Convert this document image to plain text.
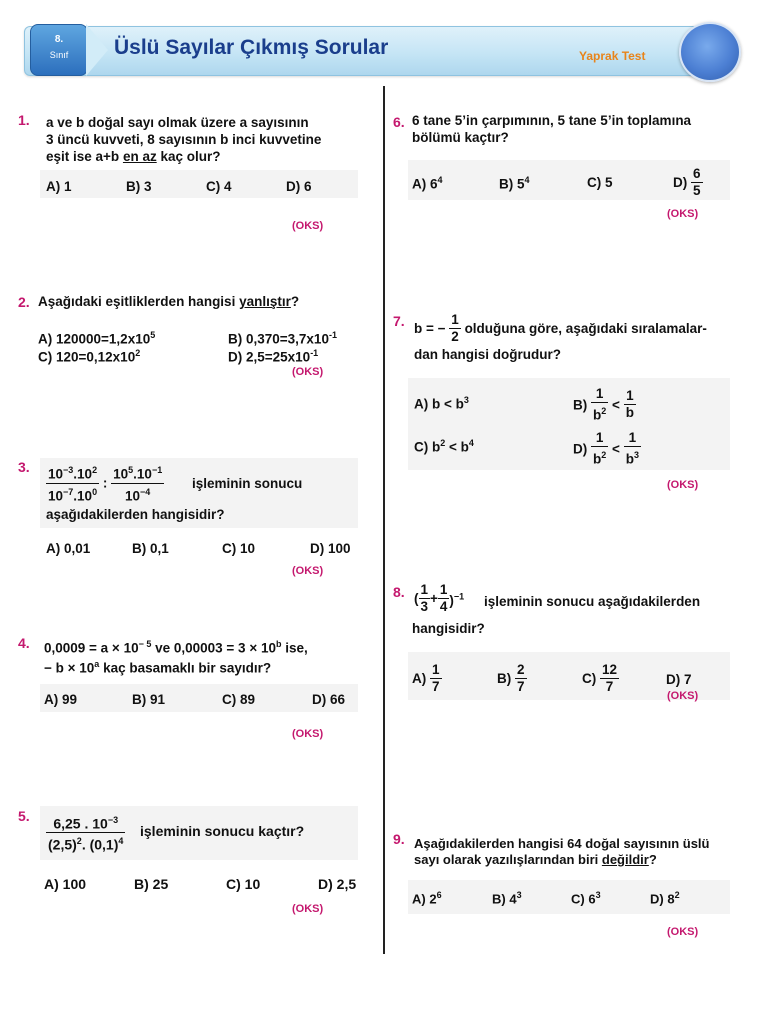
8.
Sınıf	Üslü Sayılar Çıkmış Sorular	Yaprak Test
1. a ve b doğal sayı olmak üzere a sayısının
3 üncü kuvveti, 8 sayısının b inci kuvvetine
eşit ise a+b en az kaç olur?
A) 1	B) 3	C) 4	D) 6
(OKS)
2. Aşağıdaki eşitliklerden hangisi yanlıştır?
A) $120000=1,2x10^5$	B) $0,370=3,7x10^{-1}$
C) $120=0,12x10^2$	D) $2,5=25x10^{-1}$
(OKS)
3. $\frac{10^{-3}.10^2}{10^{-7}.10^0}$ : $\frac{10^5.10^{-1}}{10^{-4}}$ işleminin sonucu
aşağıdakilerden hangisidir?
A) 0,01	B) 0,1	C) 10	D) 100
(OKS)
4. $0,0009 = a \times 10^{- 5}$ ve $0,00003 = 3 \times 10^b$ ise,
− $b \times 10^a$ kaç basamaklı bir sayıdır?
A) 99	B) 91	C) 89	D) 66
(OKS)
5. $\frac{6,25 . 10^{-3}}{(2,5)^2. (0,1)^4}$ işleminin sonucu kaçtır?
A) 100	B) 25	C) 10	D) 2,5
(OKS)
6. 6 tane 5’in çarpımının, 5 tane 5’in toplamına
bölümü kaçtır?
A) $6^4$	B) $5^4$	C) 5	$D) \frac{6}{5}$
(OKS)
7. b = − $\frac{1}{2}$ olduğuna göre, aşağıdaki sıralamalar-
dan hangisi doğrudur?
A) $b < b^3$	$B) \frac{1}{b^2} < \frac{1}{b}$
C) $b^2 < b^4$	$D) \frac{1}{b^2} < \frac{1}{b^3}$
(OKS)
8. ( $\frac{1}{3} + \frac{1}{4} )^{-1}$ işleminin sonucu aşağıdakilerden
hangisidir?
$A) \frac{1}{7}$	$B) \frac{2}{7}$	$C) \frac{12}{7}$	D) 7
(OKS)
9. Aşağıdakilerden hangisi 64 doğal sayısının üslü
sayı olarak yazılışlarından biri değildir?
A) $2^6$	B) $4^3$	C) $6^3$	D) $8^2$
(OKS)
